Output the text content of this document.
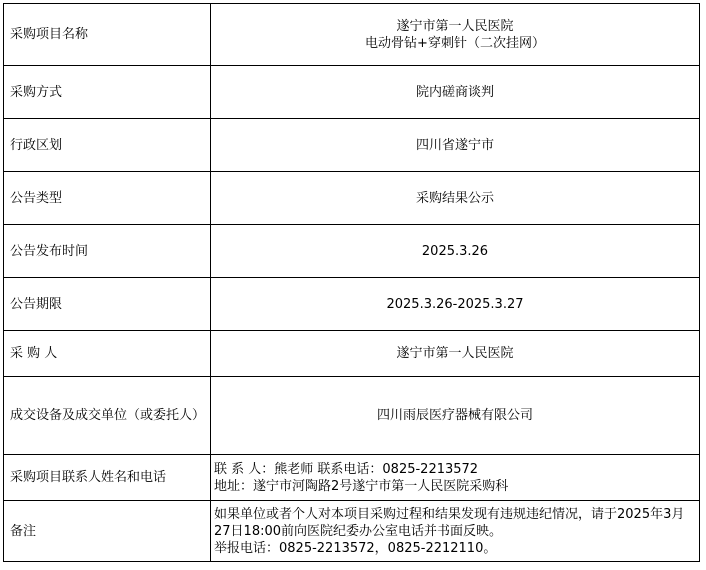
采购项目名称	遂宁市第一人民医院
电动骨钻+穿刺针（二次挂网）

采购方式	院内磋商谈判

行政区划	四川省遂宁市

公告类型	采购结果公示

公告发布时间	2025.3.26

公告期限	2025.3.26-2025.3.27

采 购 人	遂宁市第一人民医院

成交设备及成交单位（或委托人）	四川雨辰医疗器械有限公司

采购项目联系人姓名和电话	联 系 人：熊老师 联系电话：0825-2213572
地址：遂宁市河陶路2号遂宁市第一人民医院采购科

备注	如果单位或者个人对本项目采购过程和结果发现有违规违纪情况，请于2025年3月27日18:00前向医院纪委办公室电话并书面反映。
举报电话：0825-2213572，0825-2212110。
